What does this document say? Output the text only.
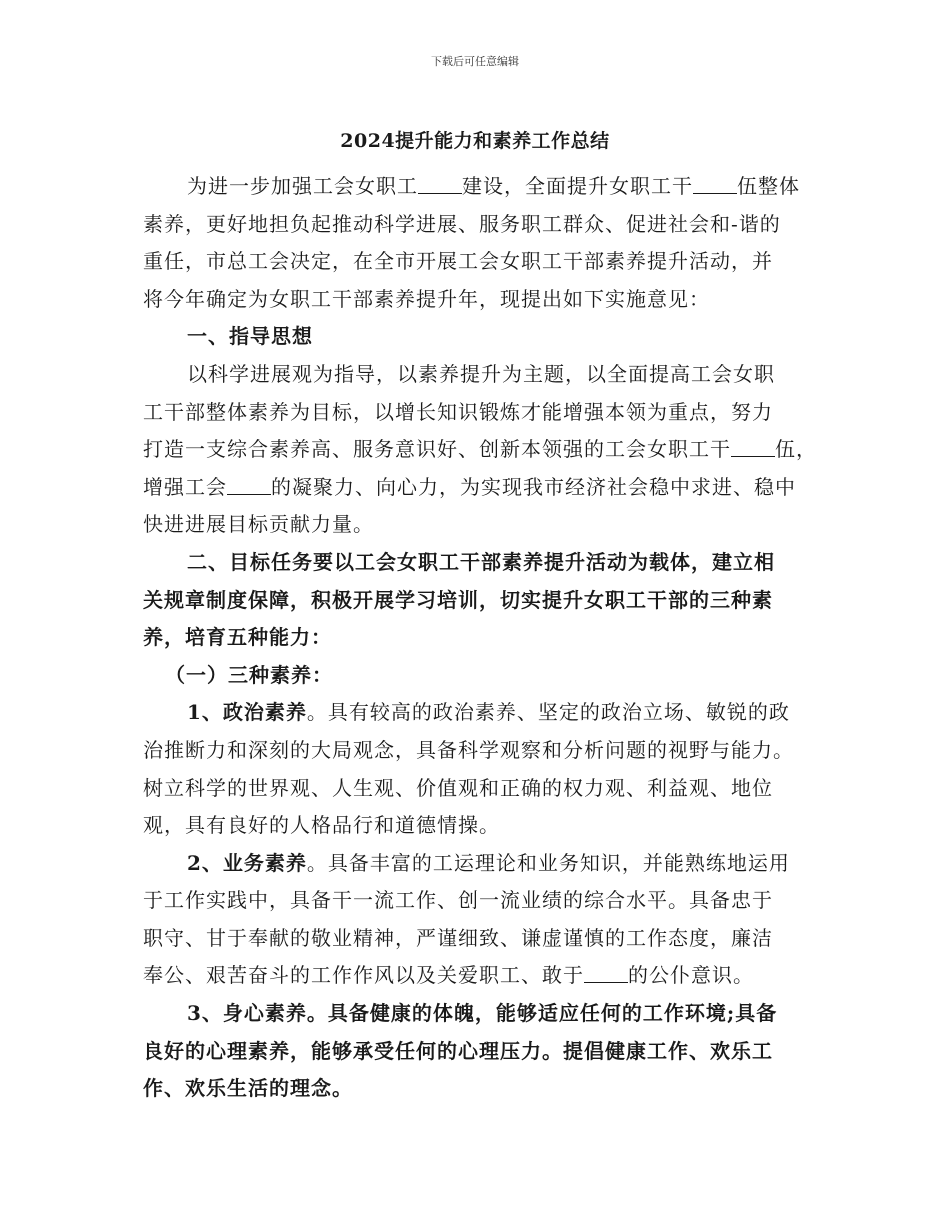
下载后可任意编辑
2024提升能力和素养工作总结
为进一步加强工会女职工 建设，全面提升女职工干 伍整体
素养，更好地担负起推动科学进展、服务职工群众、促进社会和-谐的
重任，市总工会决定，在全市开展工会女职工干部素养提升活动，并
将今年确定为女职工干部素养提升年，现提出如下实施意见：
一、指导思想
以科学进展观为指导，以素养提升为主题，以全面提高工会女职
工干部整体素养为目标，以增长知识锻炼才能增强本领为重点，努力
打造一支综合素养高、服务意识好、创新本领强的工会女职工干 伍，
增强工会 的凝聚力、向心力，为实现我市经济社会稳中求进、稳中
快进进展目标贡献力量。
二、目标任务要以工会女职工干部素养提升活动为载体，建立相
关规章制度保障，积极开展学习培训，切实提升女职工干部的三种素
养，培育五种能力：
（一）三种素养：
1、政治素养。具有较高的政治素养、坚定的政治立场、敏锐的政
治推断力和深刻的大局观念，具备科学观察和分析问题的视野与能力。
树立科学的世界观、人生观、价值观和正确的权力观、利益观、地位
观，具有良好的人格品行和道德情操。
2、业务素养。具备丰富的工运理论和业务知识，并能熟练地运用
于工作实践中，具备干一流工作、创一流业绩的综合水平。具备忠于
职守、甘于奉献的敬业精神，严谨细致、谦虚谨慎的工作态度，廉洁
奉公、艰苦奋斗的工作作风以及关爱职工、敢于 的公仆意识。
3、身心素养。具备健康的体魄，能够适应任何的工作环境;具备
良好的心理素养，能够承受任何的心理压力。提倡健康工作、欢乐工
作、欢乐生活的理念。
